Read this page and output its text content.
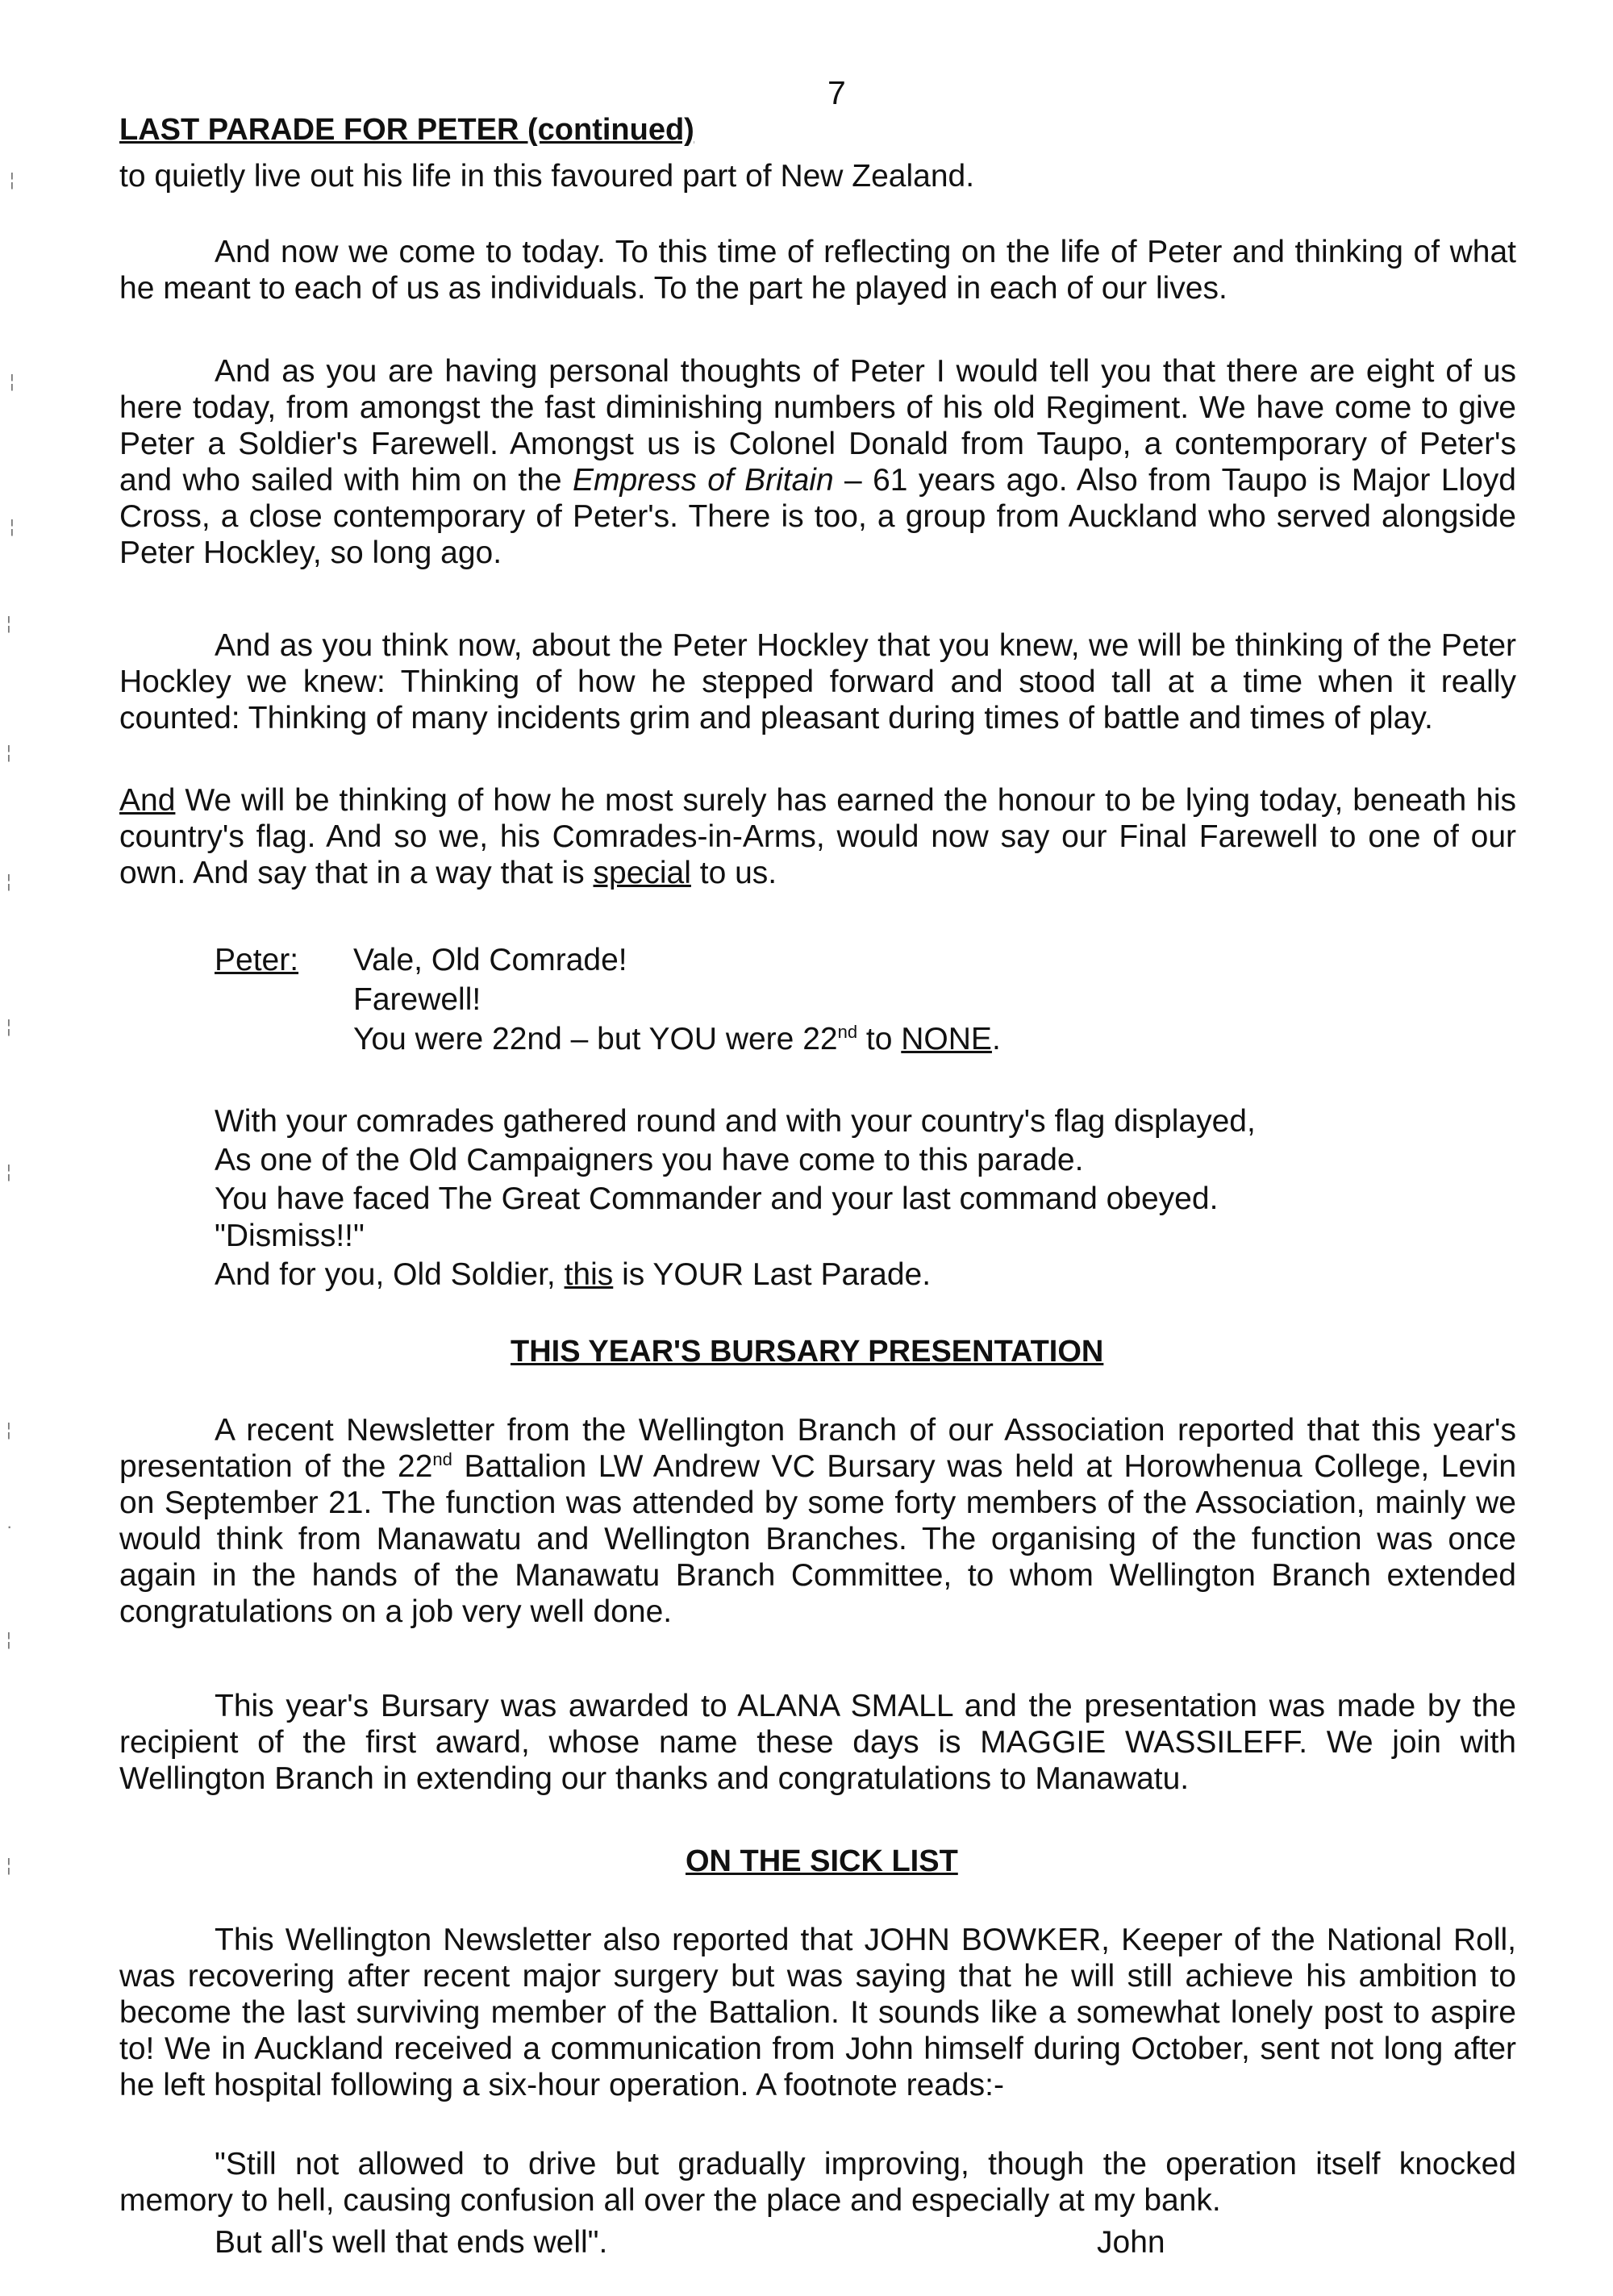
7
LAST PARADE FOR PETER (continued)
to quietly live out his life in this favoured part of New Zealand.
And now we come to today. To this time of reflecting on the life of Peter and thinking of what he meant to each of us as individuals. To the part he played in each of our lives.
And as you are having personal thoughts of Peter I would tell you that there are eight of us here today, from amongst the fast diminishing numbers of his old Regiment. We have come to give Peter a Soldier's Farewell. Amongst us is Colonel Donald from Taupo, a contemporary of Peter's and who sailed with him on the Empress of Britain – 61 years ago. Also from Taupo is Major Lloyd Cross, a close contemporary of Peter's. There is too, a group from Auckland who served alongside Peter Hockley, so long ago.
And as you think now, about the Peter Hockley that you knew, we will be thinking of the Peter Hockley we knew: Thinking of how he stepped forward and stood tall at a time when it really counted: Thinking of many incidents grim and pleasant during times of battle and times of play.
And We will be thinking of how he most surely has earned the honour to be lying today, beneath his country's flag. And so we, his Comrades-in-Arms, would now say our Final Farewell to one of our own. And say that in a way that is special to us.
Peter: Vale, Old Comrade!
Farewell!
You were 22nd – but YOU were 22nd to NONE.
With your comrades gathered round and with your country's flag displayed,
As one of the Old Campaigners you have come to this parade.
You have faced The Great Commander and your last command obeyed.
"Dismiss!!"
And for you, Old Soldier, this is YOUR Last Parade.
THIS YEAR'S BURSARY PRESENTATION
A recent Newsletter from the Wellington Branch of our Association reported that this year's presentation of the 22nd Battalion LW Andrew VC Bursary was held at Horowhenua College, Levin on September 21. The function was attended by some forty members of the Association, mainly we would think from Manawatu and Wellington Branches. The organising of the function was once again in the hands of the Manawatu Branch Committee, to whom Wellington Branch extended congratulations on a job very well done.
This year's Bursary was awarded to ALANA SMALL and the presentation was made by the recipient of the first award, whose name these days is MAGGIE WASSILEFF. We join with Wellington Branch in extending our thanks and congratulations to Manawatu.
ON THE SICK LIST
This Wellington Newsletter also reported that JOHN BOWKER, Keeper of the National Roll, was recovering after recent major surgery but was saying that he will still achieve his ambition to become the last surviving member of the Battalion. It sounds like a somewhat lonely post to aspire to! We in Auckland received a communication from John himself during October, sent not long after he left hospital following a six-hour operation. A footnote reads:-
"Still not allowed to drive but gradually improving, though the operation itself knocked memory to hell, causing confusion all over the place and especially at my bank.
But all's well that ends well".	John
¦
¦
¦
¦
¦
¦
¦
¦
¦
·
¦
¦
